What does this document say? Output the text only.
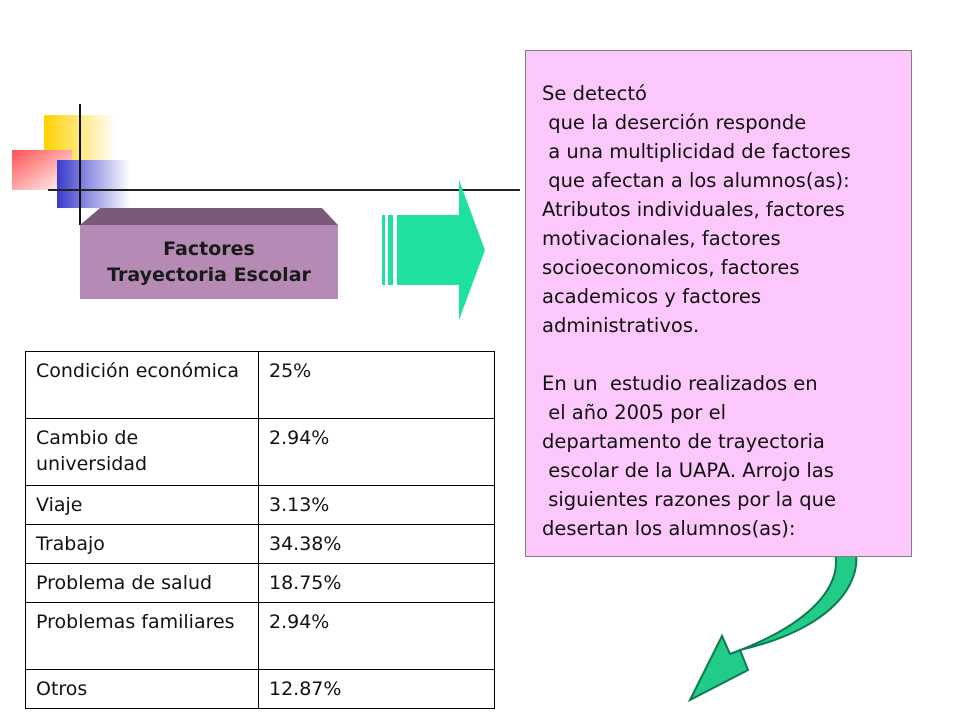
Factores
Trayectoria Escolar
Se detectó
que la deserción responde
a una multiplicidad de factores
que afectan a los alumnos(as):
Atributos individuales, factores
motivacionales, factores
socioeconomicos, factores
academicos y factores
administrativos.
En un  estudio realizados en
el año 2005 por el
departamento de trayectoria
escolar de la UAPA. Arrojo las
siguientes razones por la que
desertan los alumnos(as):
Condición económica	25%
Cambio de universidad	2.94%
Viaje	3.13%
Trabajo	34.38%
Problema de salud	18.75%
Problemas familiares	2.94%
Otros	12.87%
